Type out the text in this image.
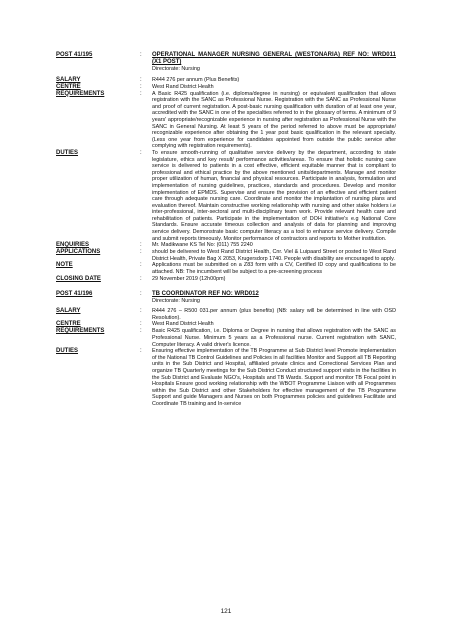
POST 41/195	:	OPERATIONAL MANAGER NURSING GENERAL (WESTONARIA) REF NO: WRD011 (X1 POST)
Directorate: Nursing
SALARY	:	R444 276 per annum (Plus Benefits)
CENTRE	:	West Rand District Health
REQUIREMENTS	:	A Basic R425 qualification (i.e. diploma/degree in nursing) or equivalent qualification that allows registration with the SANC as Professional Nurse. Registration with the SANC as Professional Nurse and proof of current registration. A post-basic nursing qualification with duration of at least one year, accredited with the SANC in one of the specialties referred to in the glossary of terms. A minimum of 9 years' appropriate/recognizable experience in nursing after registration as Professional Nurse with the SANC in General Nursing. At least 5 years of the period referred to above must be appropriate/ recognizable experience after obtaining the 1 year post basic qualification in the relevant specialty. (Less one year from experience for candidates appointed from outside the public service after complying with registration requirements).
DUTIES	:	To ensure smooth-running of qualitative service delivery by the department, according to state legislature, ethics and key result/ performance activities/areas. To ensure that holistic nursing care service is delivered to patients in a cost effective, efficient equitable manner that is compliant to professional and ethical practice by the above mentioned units/departments. Manage and monitor proper utilization of human, financial and physical resources. Participate in analysis, formulation and implementation of nursing guidelines, practices, standards and procedures. Develop and monitor implementation of EPMDS. Supervise and ensure the provision of an effective and efficient patient care through adequate nursing care. Coordinate and monitor the implantation of nursing plans and evaluation thereof. Maintain constructive working relationship with nursing and other stake holders i.e inter-professional, inter-sectoral and multi-disciplinary team work. Provide relevant health care and rehabilitation of patients. Participate in the implementation of DOH initiative's e.g National Core Standards. Ensure accurate timeous collection and analysis of data for planning and improving service delivery. Demonstrate basic computer literacy as a tool to enhance service delivery. Compile and submit reports timeously. Monitor performance of contractors and reports to Mother institution.
ENQUIRIES	:	Mr. Madikwane KS Tel No: (011) 755 2240
APPLICATIONS	:	should be delivered to West Rand District Health, Cnr. Viel & Luipaard Street or posted to West Rand District Health, Private Bag X 2053, Krugersdorp 1740. People with disability are encouraged to apply.
NOTE	:	Applications must be submitted on a Z83 form with a CV, Certified ID copy and qualifications to be attached. NB: The incumbent will be subject to a pre-screening process
CLOSING DATE	:	29 November 2019 (12h00pm)
POST 41/196	:	TB COORDINATOR REF NO: WRD012
Directorate: Nursing
SALARY	:	R444 276 – R500 031.per annum (plus benefits) (NB: salary will be determined in line with OSD Resolution).
CENTRE	:	West Rand District Health
REQUIREMENTS	:	Basic R425 qualification, i.e. Diploma or Degree in nursing that allows registration with the SANC as Professional Nurse. Minimum 5 years as a Professional nurse. Current registration with SANC, Computer literacy. A valid driver's licence.
DUTIES	:	Ensuring effective implementation of the TB Programme at Sub District level Promote implementation of the National TB Control Guidelines and Policies in all facilities Monitor and Support all TB Reporting units in the Sub District and Hospital, affiliated private clinics and Correctional Services Plan and organize TB Quarterly meetings for the Sub District Conduct structured support visits in the facilities in the Sub District and Evaluate NGO's, Hospitals and TB Wards. Support and monitor TB Focal point in Hospitals Ensure good working relationship with the WBOT Programme Liaison with all Programmes within the Sub District and other Stakeholders for effective management of the TB Programme Support and guide Managers and Nurses on both Programmes policies and guidelines Facilitate and Coordinate TB training and In-service
121
